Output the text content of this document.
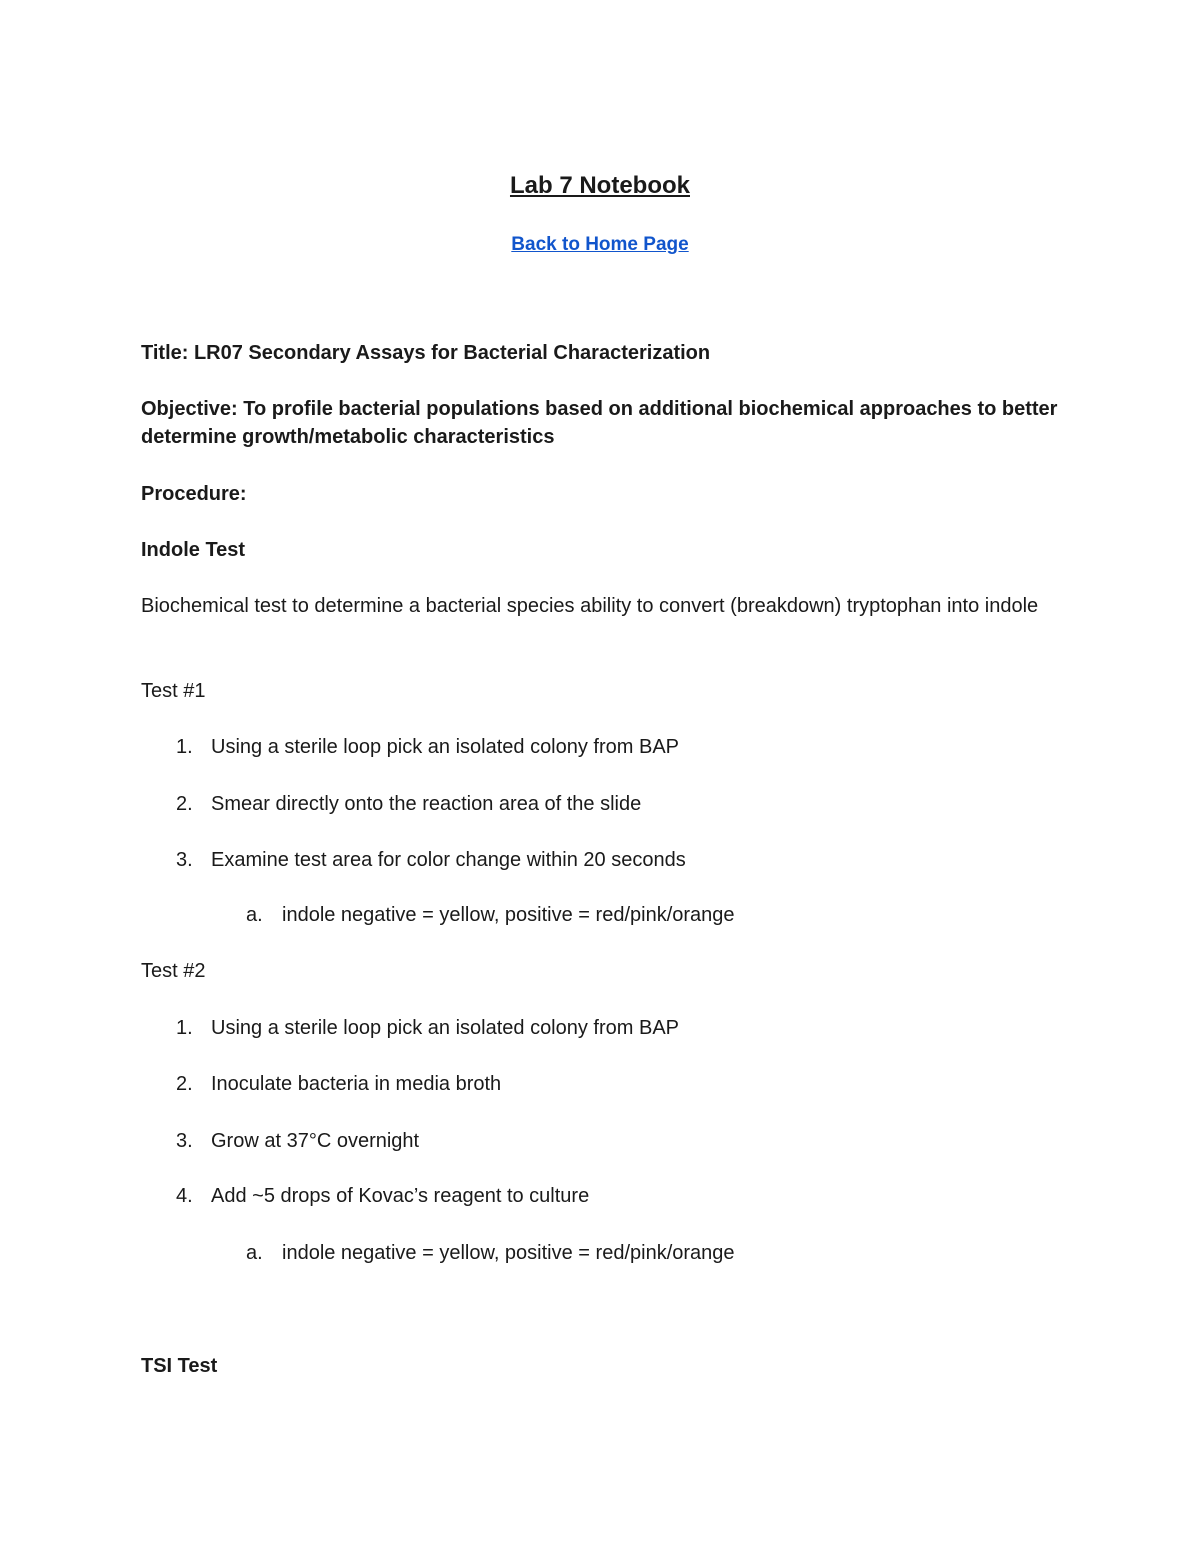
Lab 7 Notebook
Back to Home Page
Title: LR07 Secondary Assays for Bacterial Characterization
Objective: To profile bacterial populations based on additional biochemical approaches to better determine growth/metabolic characteristics
Procedure:
Indole Test
Biochemical test to determine a bacterial species ability to convert (breakdown) tryptophan into indole
Test #1
1. Using a sterile loop pick an isolated colony from BAP
2. Smear directly onto the reaction area of the slide
3. Examine test area for color change within 20 seconds
a. indole negative = yellow, positive = red/pink/orange
Test #2
1. Using a sterile loop pick an isolated colony from BAP
2. Inoculate bacteria in media broth
3. Grow at 37°C overnight
4. Add ~5 drops of Kovac’s reagent to culture
a. indole negative = yellow, positive = red/pink/orange
TSI Test
